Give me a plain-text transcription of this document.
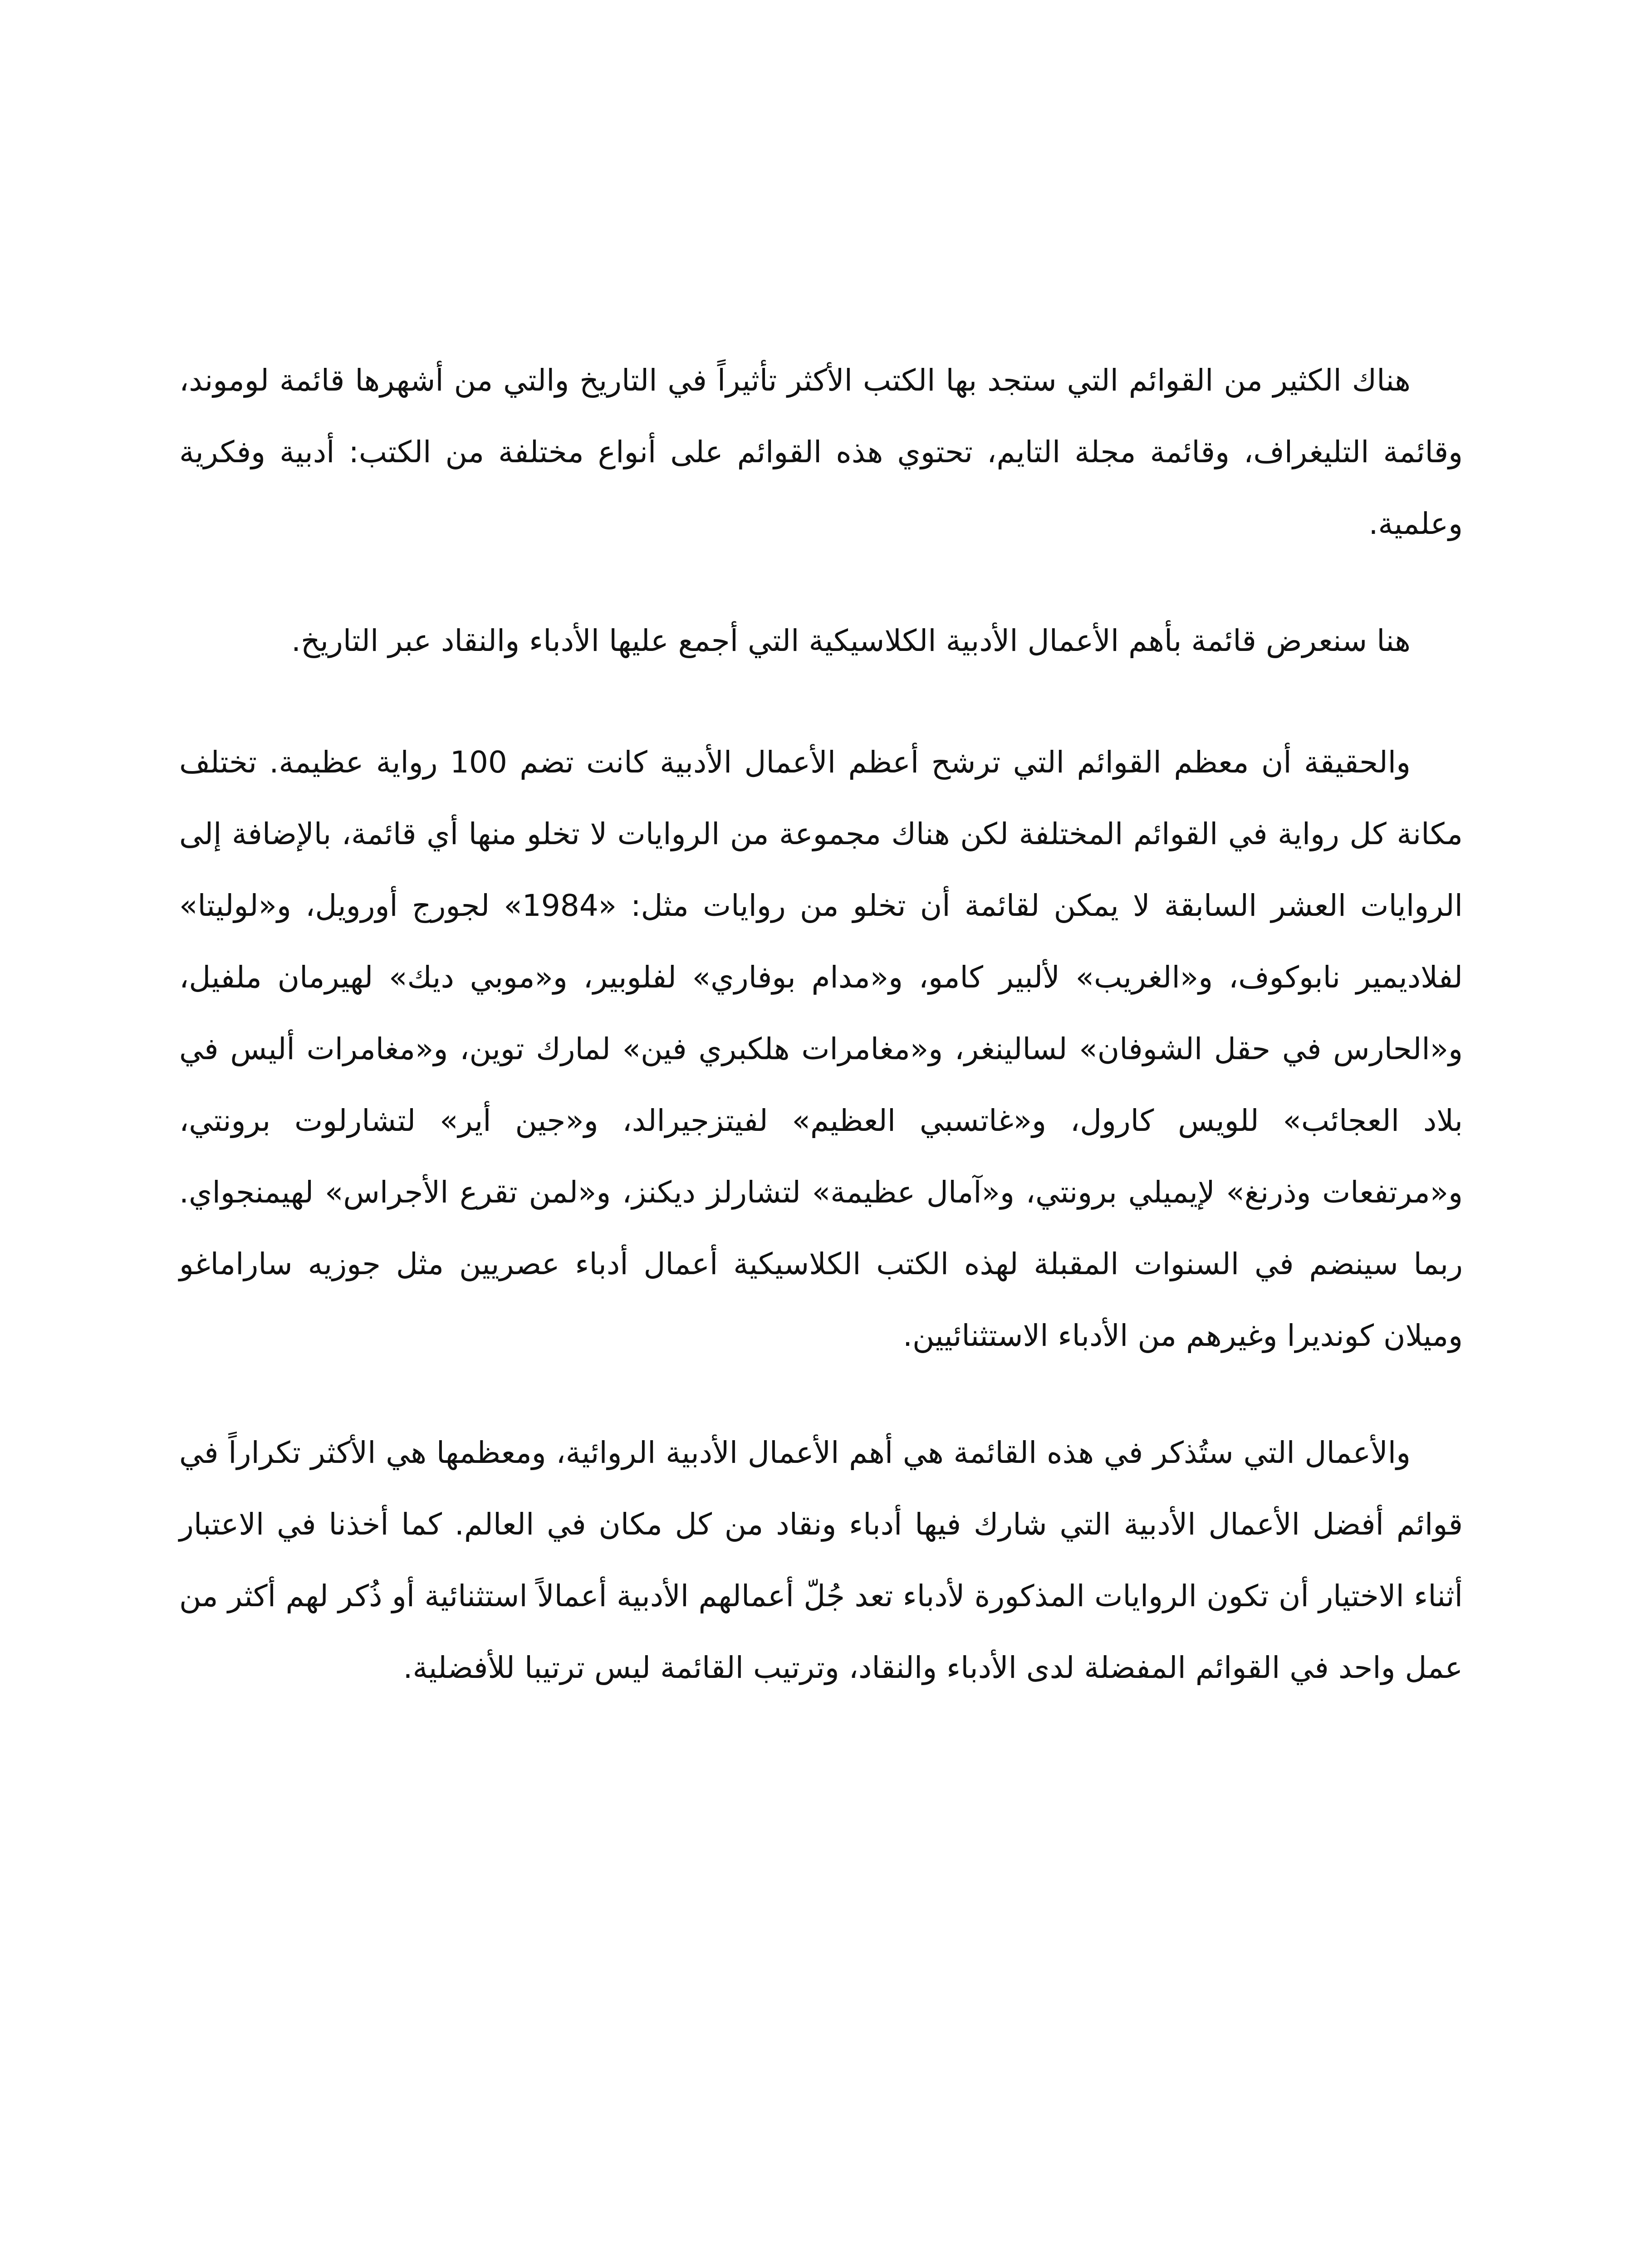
هناك الكثير من القوائم التي ستجد بها الكتب الأكثر تأثيراً في التاريخ والتي من أشهرها قائمة لوموند، وقائمة التليغراف، وقائمة مجلة التايم، تحتوي هذه القوائم على أنواع مختلفة من الكتب: أدبية وفكرية وعلمية.

هنا سنعرض قائمة بأهم الأعمال الأدبية الكلاسيكية التي أجمع عليها الأدباء والنقاد عبر التاريخ.

والحقيقة أن معظم القوائم التي ترشح أعظم الأعمال الأدبية كانت تضم 100 رواية عظيمة. تختلف مكانة كل رواية في القوائم المختلفة لكن هناك مجموعة من الروايات لا تخلو منها أي قائمة، بالإضافة إلى الروايات العشر السابقة لا يمكن لقائمة أن تخلو من روايات مثل: «1984» لجورج أورويل، و«لوليتا» لفلاديمير نابوكوف، و«الغريب» لألبير كامو، و«مدام بوفاري» لفلوبير، و«موبي ديك» لهيرمان ملفيل، و«الحارس في حقل الشوفان» لسالينغر، و«مغامرات هلكبري فين» لمارك توين، و«مغامرات أليس في بلاد العجائب» للويس كارول، و«غاتسبي العظيم» لفيتزجيرالد، و«جين أير» لتشارلوت برونتي، و«مرتفعات وذرنغ» لإيميلي برونتي، و«آمال عظيمة» لتشارلز ديكنز، و«لمن تقرع الأجراس» لهيمنجواي. ربما سينضم في السنوات المقبلة لهذه الكتب الكلاسيكية أعمال أدباء عصريين مثل جوزيه ساراماغو وميلان كونديرا وغيرهم من الأدباء الاستثنائيين.

والأعمال التي ستُذكر في هذه القائمة هي أهم الأعمال الأدبية الروائية، ومعظمها هي الأكثر تكراراً في قوائم أفضل الأعمال الأدبية التي شارك فيها أدباء ونقاد من كل مكان في العالم. كما أخذنا في الاعتبار أثناء الاختيار أن تكون الروايات المذكورة لأدباء تعد جُلّ أعمالهم الأدبية أعمالاً استثنائية أو ذُكر لهم أكثر من عمل واحد في القوائم المفضلة لدى الأدباء والنقاد، وترتيب القائمة ليس ترتيبا للأفضلية.
